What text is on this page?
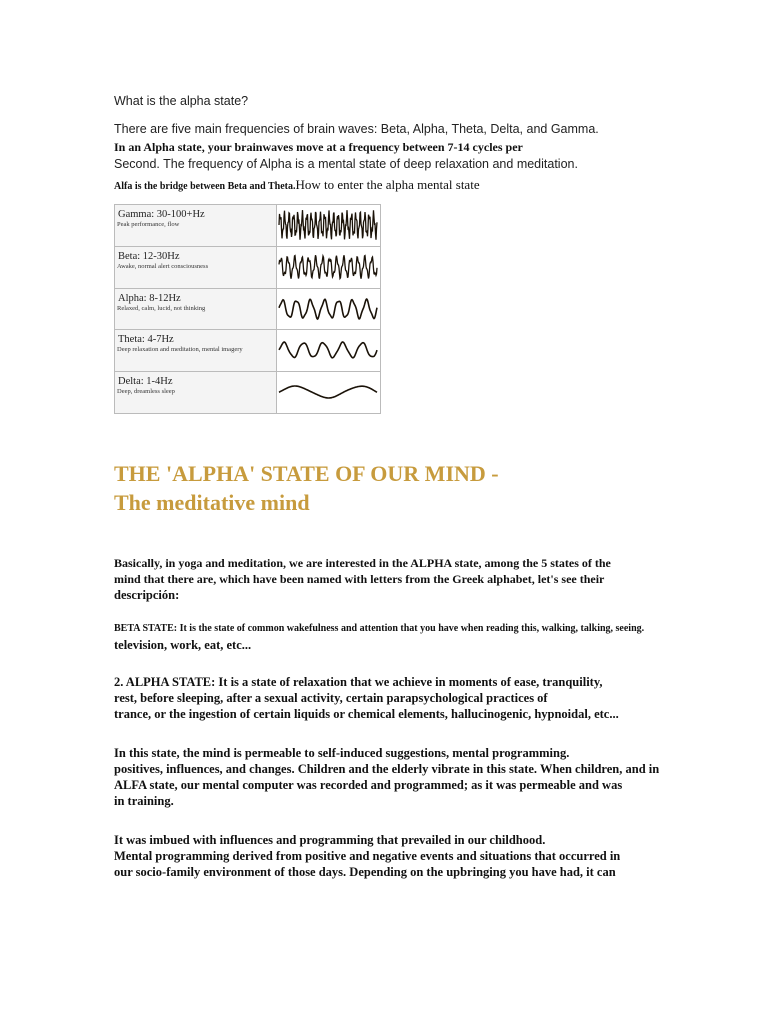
What is the alpha state?
There are five main frequencies of brain waves: Beta, Alpha, Theta, Delta, and Gamma.
In an Alpha state, your brainwaves move at a frequency between 7-14 cycles per
Second. The frequency of Alpha is a mental state of deep relaxation and meditation.
Alfa is the bridge between Beta and Theta.How to enter the alpha mental state
Gamma: 30-100+Hz
Peak performance, flow

Beta: 12-30Hz
Awake, normal alert consciousness

Alpha: 8-12Hz
Relaxed, calm, lucid, not thinking

Theta: 4-7Hz
Deep relaxation and meditation, mental imagery

Delta: 1-4Hz
Deep, dreamless sleep

THE 'ALPHA' STATE OF OUR MIND -
The meditative mind
Basically, in yoga and meditation, we are interested in the ALPHA state, among the 5 states of the
mind that there are, which have been named with letters from the Greek alphabet, let's see their
descripción:
BETA STATE: It is the state of common wakefulness and attention that you have when reading this, walking, talking, seeing.
television, work, eat, etc...
2. ALPHA STATE: It is a state of relaxation that we achieve in moments of ease, tranquility,
rest, before sleeping, after a sexual activity, certain parapsychological practices of
trance, or the ingestion of certain liquids or chemical elements, hallucinogenic, hypnoidal, etc...
In this state, the mind is permeable to self-induced suggestions, mental programming.
positives, influences, and changes. Children and the elderly vibrate in this state. When children, and in
ALFA state, our mental computer was recorded and programmed; as it was permeable and was
in training.
It was imbued with influences and programming that prevailed in our childhood.
Mental programming derived from positive and negative events and situations that occurred in
our socio-family environment of those days. Depending on the upbringing you have had, it can
